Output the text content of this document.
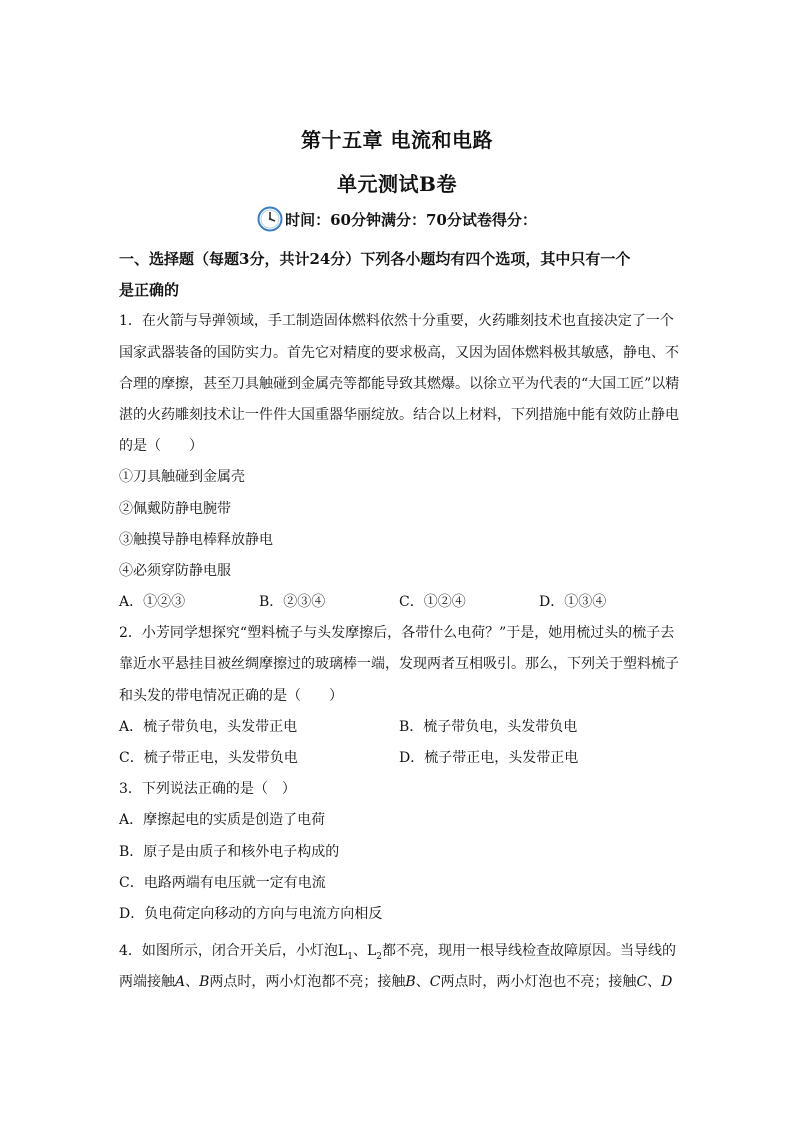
第十五章 电流和电路
单元测试B卷
时间：60分钟满分：70分试卷得分：
一、选择题（每题3分，共计24分）下列各小题均有四个选项，其中只有一个
是正确的
1．在火箭与导弹领域，手工制造固体燃料依然十分重要，火药雕刻技术也直接决定了一个
国家武器装备的国防实力。首先它对精度的要求极高，又因为固体燃料极其敏感，静电、不
合理的摩擦，甚至刀具触碰到金属壳等都能导致其燃爆。以徐立平为代表的“大国工匠”以精
湛的火药雕刻技术让一件件大国重器华丽绽放。结合以上材料，下列措施中能有效防止静电
的是（　　）
①刀具触碰到金属壳
②佩戴防静电腕带
③触摸导静电棒释放静电
④必须穿防静电服
A．①②③	B．②③④	C．①②④	D．①③④
2．小芳同学想探究“塑料梳子与头发摩擦后，各带什么电荷？”于是，她用梳过头的梳子去
靠近水平悬挂目被丝绸摩擦过的玻璃棒一端，发现两者互相吸引。那么，下列关于塑料梳子
和头发的带电情况正确的是（　　）
A．梳子带负电，头发带正电	B．梳子带负电，头发带负电
C．梳子带正电，头发带负电	D．梳子带正电，头发带正电
3．下列说法正确的是（　）
A．摩擦起电的实质是创造了电荷
B．原子是由质子和核外电子构成的
C．电路两端有电压就一定有电流
D．负电荷定向移动的方向与电流方向相反
4．如图所示，闭合开关后，小灯泡$L_1$、$L_2$都不亮，现用一根导线检查故障原因。当导线的
两端接触A、B两点时，两小灯泡都不亮；接触B、C两点时，两小灯泡也不亮；接触C、D
